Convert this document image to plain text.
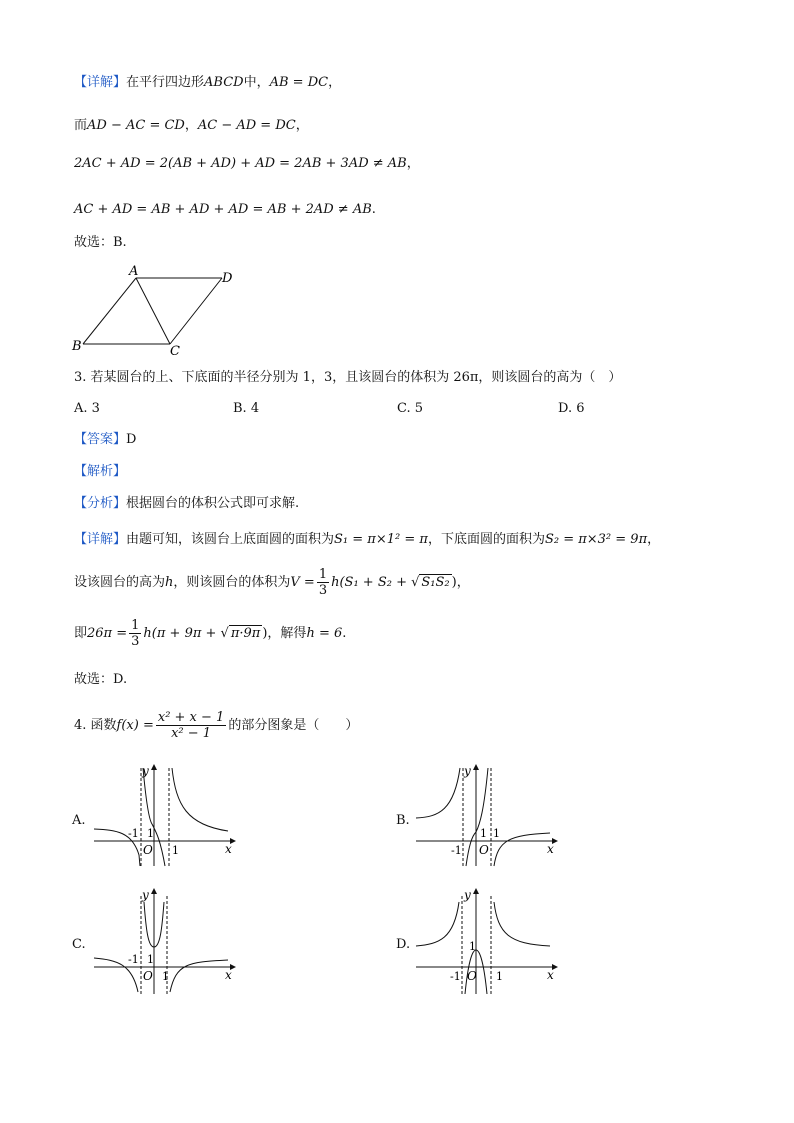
【详解】在平行四边形ABCD中，AB = DC，
而AD − AC = CD，AC − AD = DC，
2AC + AD = 2(AB + AD) + AD = 2AB + 3AD ≠ AB，
AC + AD = AB + AD + AD = AB + 2AD ≠ AB.
故选：B.
A	D
B	C
3. 若某圆台的上、下底面的半径分别为 1，3，且该圆台的体积为 26π，则该圆台的高为（　）
A. 3	B. 4	C. 5	D. 6
【答案】D
【解析】
【分析】根据圆台的体积公式即可求解.
【详解】由题可知，该圆台上底面圆的面积为S₁ = π×1² = π，下底面圆的面积为S₂ = π×3² = 9π，
设该圆台的高为h，则该圆台的体积为$V = \frac{1}{3} h(S_1 + S_2$ + √ S₁S₂ )，
即$26\pi = \frac{1}{3} h(\pi + 9\pi$ + √ π·9π )，解得h = 6.
故选：D.
4. 函数$f(x) = \frac{\text{x² + x − 1}}{\text{x² − 1}}$ 的部分图象是（　　）
A.	B.
C.	D.
y
x
O
-1 1
1
y
x
O
-1
1 1
y
x
O
-1 1
1
y
x
O
-1
1
1
